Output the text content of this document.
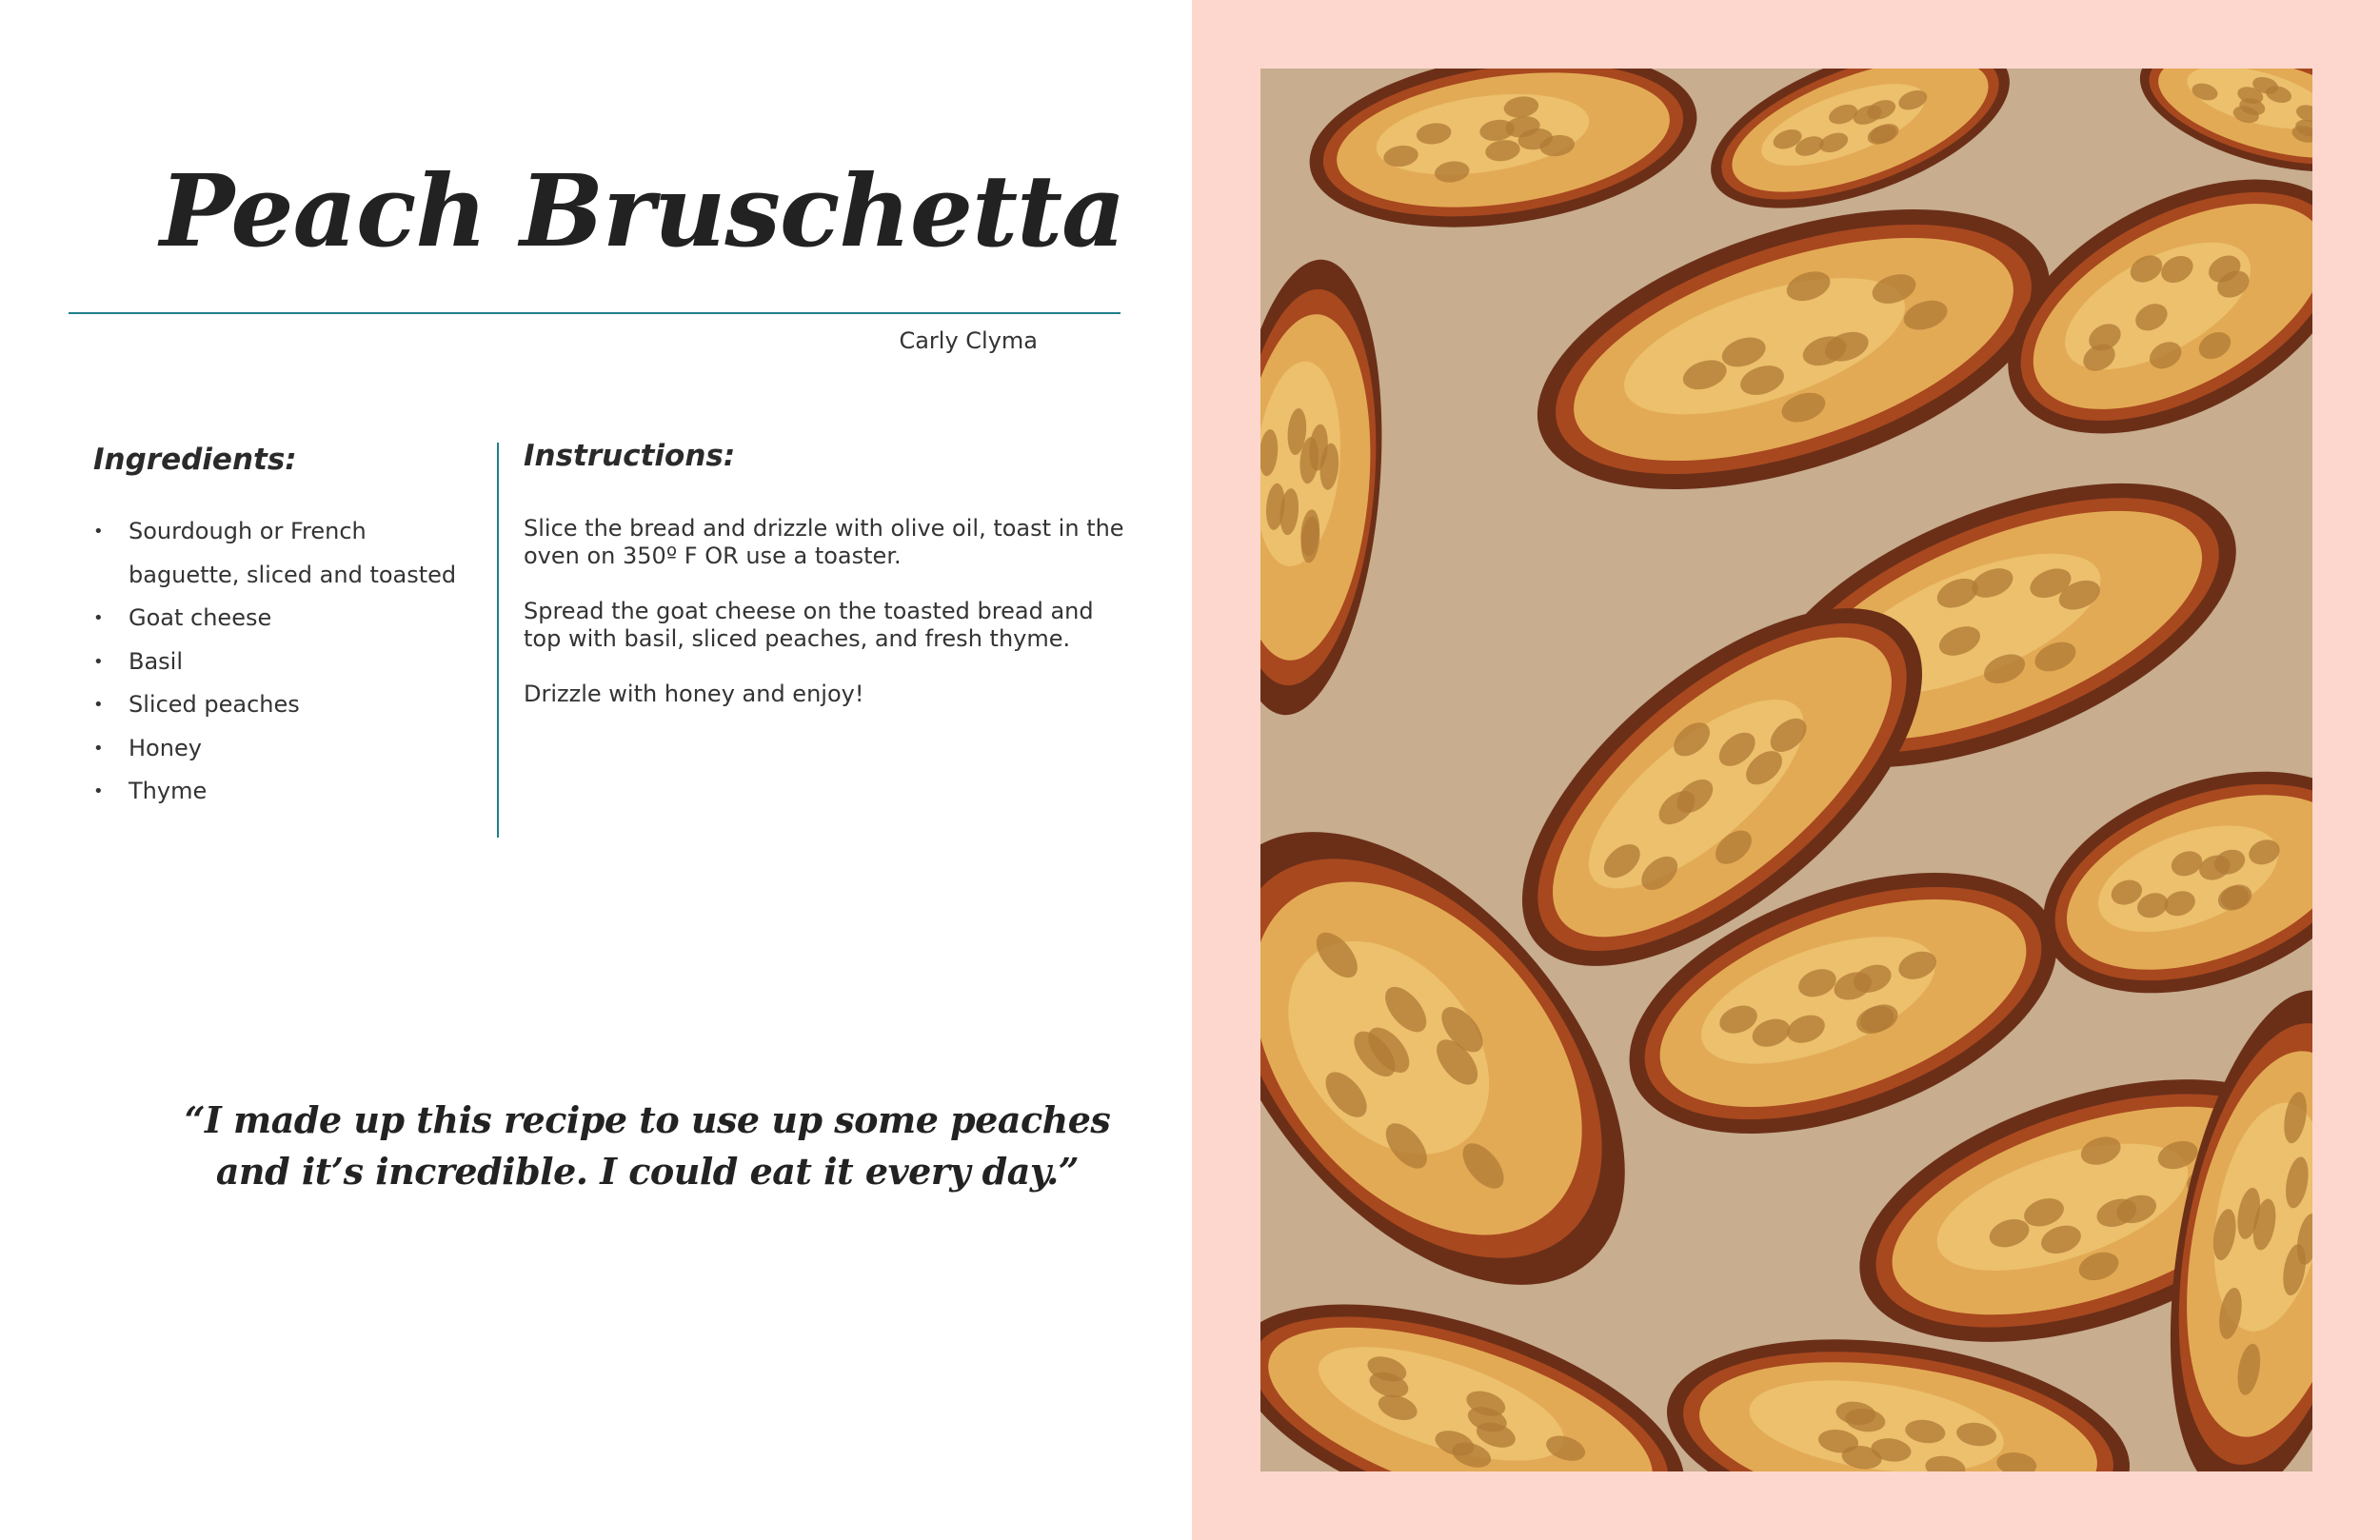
Peach Bruschetta
Carly Clyma
Ingredients:
• Sourdough or French baguette, sliced and toasted
• Goat cheese
• Basil
• Sliced peaches
• Honey
• Thyme
Instructions:

Slice the bread and drizzle with olive oil, toast in the oven on 350º F OR use a toaster.

Spread the goat cheese on the toasted bread and top with basil, sliced peaches, and fresh thyme.

Drizzle with honey and enjoy!

“I made up this recipe to use up some peaches
and it’s incredible. I could eat it every day.”
